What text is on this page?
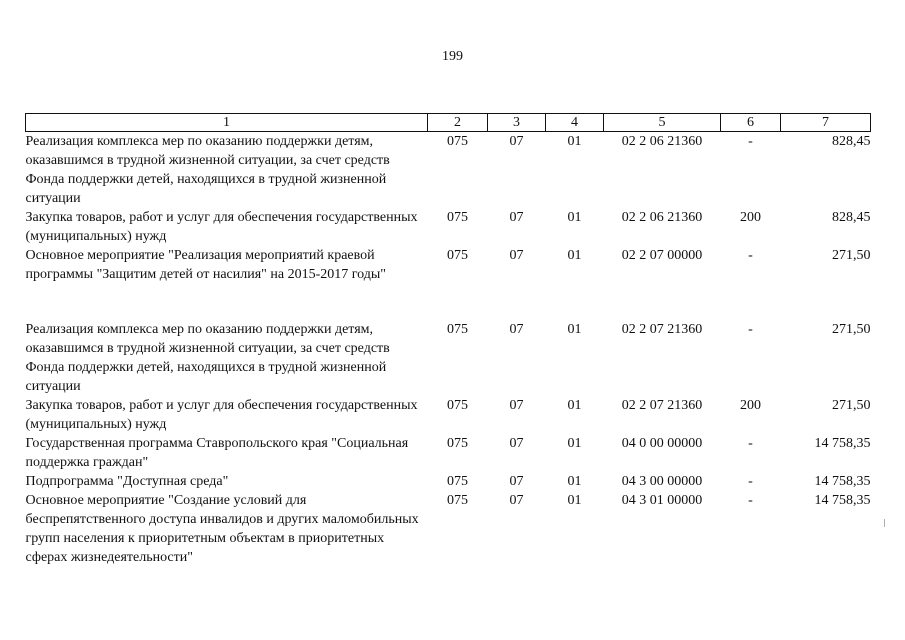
199
1	2	3	4	5	6	7
Реализация комплекса мер по оказанию поддержки детям, оказавшимся в трудной жизненной ситуации, за счет средств Фонда поддержки детей, находящихся в трудной жизненной ситуации	075	07	01	02 2 06 21360	-	828,45
Закупка товаров, работ и услуг для обеспечения государственных (муниципальных) нужд	075	07	01	02 2 06 21360	200	828,45
Основное мероприятие "Реализация мероприятий краевой программы "Защитим детей от насилия" на 2015-2017 годы"	075	07	01	02 2 07 00000	-	271,50

Реализация комплекса мер по оказанию поддержки детям, оказавшимся в трудной жизненной ситуации, за счет средств Фонда поддержки детей, находящихся в трудной жизненной ситуации	075	07	01	02 2 07 21360	-	271,50
Закупка товаров, работ и услуг для обеспечения государственных (муниципальных) нужд	075	07	01	02 2 07 21360	200	271,50
Государственная программа Ставропольского края "Социальная поддержка граждан"	075	07	01	04 0 00 00000	-	14 758,35
Подпрограмма "Доступная среда"	075	07	01	04 3 00 00000	-	14 758,35
Основное мероприятие "Создание условий для беспрепятственного доступа инвалидов и других маломобильных групп населения к приоритетным объектам в приоритетных сферах жизнедеятельности"	075	07	01	04 3 01 00000	-	14 758,35
